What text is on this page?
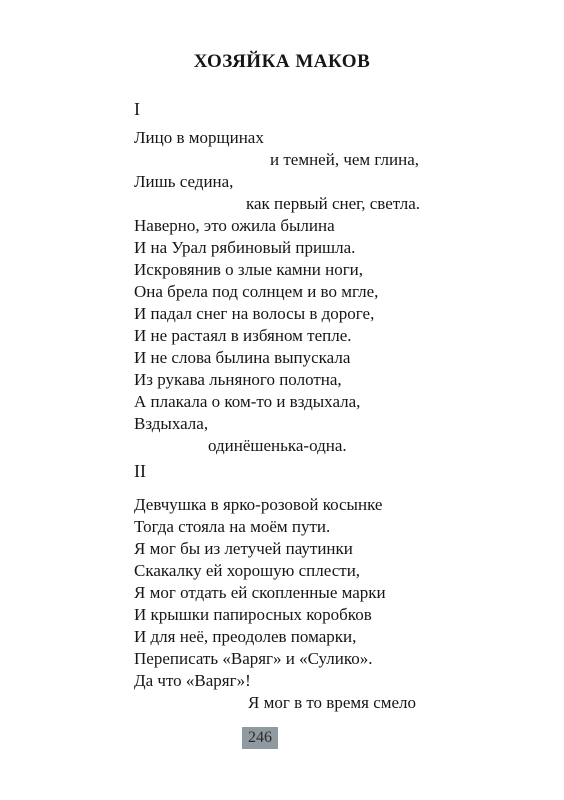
ХОЗЯЙКА МАКОВ
I
Лицо в морщинах
и темней, чем глина,
Лишь седина,
как первый снег, светла.
Наверно, это ожила былина
И на Урал рябиновый пришла.
Искровянив о злые камни ноги,
Она брела под солнцем и во мгле,
И падал снег на волосы в дороге,
И не растаял в избяном тепле.
И не слова былина выпускала
Из рукава льняного полотна,
А плакала о ком-то и вздыхала,
Вздыхала,
одинёшенька-одна.
II
Девчушка в ярко-розовой косынке
Тогда стояла на моём пути.
Я мог бы из летучей паутинки
Скакалку ей хорошую сплести,
Я мог отдать ей скопленные марки
И крышки папиросных коробков
И для неё, преодолев помарки,
Переписать «Варяг» и «Сулико».
Да что «Варяг»!
Я мог в то время смело
246
